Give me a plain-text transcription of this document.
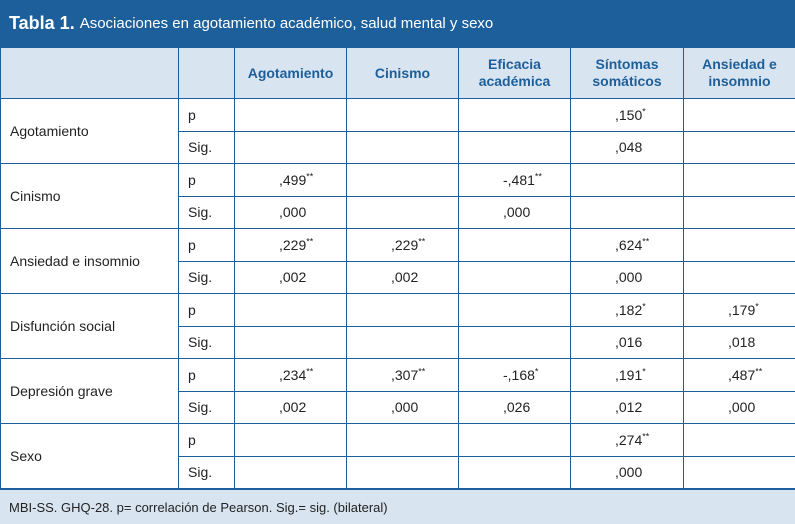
Tabla 1. Asociaciones en agotamiento académico, salud mental y sexo
		Agotamiento	Cinismo	Eficacia académica	Síntomas somáticos	Ansiedad e insomnio
Agotamiento	p				,150*	
	Sig.				,048	
Cinismo	p	,499**		-,481**		
	Sig.	,000		,000		
Ansiedad e insomnio	p	,229**	,229**		,624**	
	Sig.	,002	,002		,000	
Disfunción social	p				,182*	,179*
	Sig.				,016	,018
Depresión grave	p	,234**	,307**	-,168*	,191*	,487**
	Sig.	,002	,000	,026	,012	,000
Sexo	p				,274**	
	Sig.				,000	
MBI-SS. GHQ-28. p= correlación de Pearson. Sig.= sig. (bilateral)
